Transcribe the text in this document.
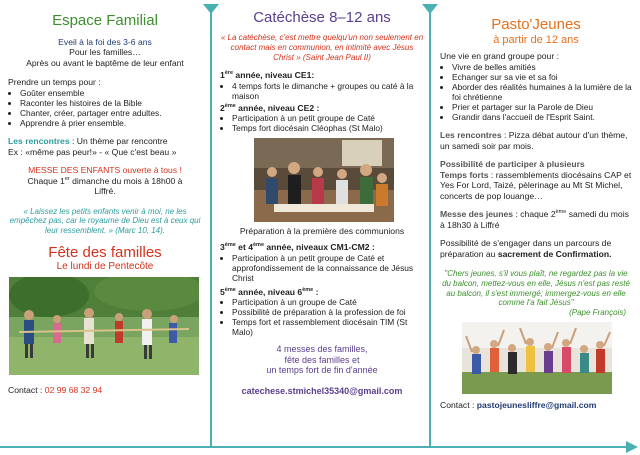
Espace Familial

Eveil à la foi des 3-6 ans

Pour les familles…

Après ou avant le baptême de leur enfant

Prendre un temps pour :

• Goûter ensemble
• Raconter les histoires de la Bible
• Chanter, créer, partager entre adultes.
• Apprendre à prier ensemble.

Les rencontres : Un thème par rencontre

Ex : «même pas peur!» - « Que c'est beau »

MESSE DES ENFANTS ouverte à tous !

Chaque 1er dimanche du mois à 18h00 à

Liffré.

« Laissez les petits enfants venir à moi, ne les empêchez pas, car le royaume de Dieu est à ceux qui leur ressemblent. » (Marc 10, 14).

Fête des familles

Le lundi de Pentecôte

Contact : 02 99 68 32 94

Catéchèse 8–12 ans

« La catéchèse, c'est mettre quelqu'un non seulement en contact mais en communion, en intimité avec Jésus Christ » (Saint Jean Paul II)

1ère année, niveau CE1:

• 4 temps forts le dimanche + groupes ou caté à la maison

2ème année, niveau CE2 :

• Participation à un petit groupe de Caté
• Temps fort diocésain Cléophas (St Malo)

Préparation à la première des communions

3ème et 4ème année, niveaux CM1-CM2 :

• Participation à un petit groupe de Caté et approfondissement de la connaissance de Jésus Christ

5ème année, niveau 6ème :

• Participation à un groupe de Caté
• Possibilité de préparation à la profession de foi
• Temps fort et rassemblement diocésain TIM (St Malo)

4 messes des familles,

fête des familles et

un temps fort de fin d'année

catechese.stmichel35340@gmail.com

Pasto'Jeunes

à partir de 12 ans

Une vie en grand groupe pour :

• Vivre de belles amitiés
• Echanger sur sa vie et sa foi
• Aborder des réalités humaines à la lumière de la foi chrétienne
• Prier et partager sur la Parole de Dieu
• Grandir dans l'accueil de l'Esprit Saint.

Les rencontres : Pizza débat autour d'un thème, un samedi soir par mois.

Possibilité de participer à plusieurs

Temps forts : rassemblements diocésains CAP et Yes For Lord, Taizé, pèlerinage au Mt St Michel, concerts de pop louange…

Messe des jeunes : chaque 2ème samedi du mois à 18h30 à Liffré

Possibilité de s'engager dans un parcours de préparation au sacrement de Confirmation.

"Chers jeunes, s'il vous plaît, ne regardez pas la vie du balcon, mettez-vous en elle, Jésus n'est pas resté au balcon, il s'est immergé; immergez-vous en elle comme l'a fait Jésus"

(Pape François)

Contact : pastojeunesliffre@gmail.com
